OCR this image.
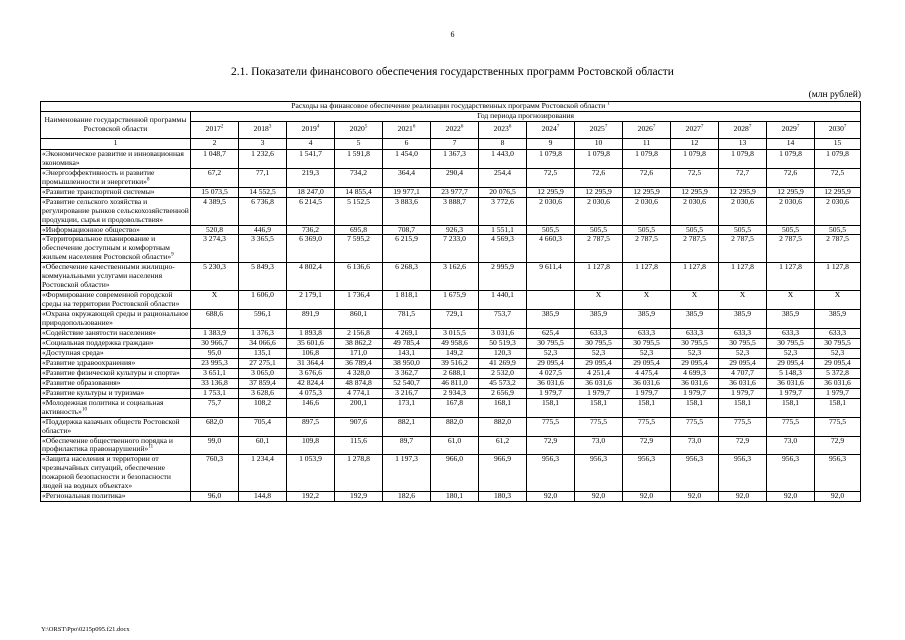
6
2.1. Показатели финансового обеспечения государственных программ Ростовской области
(млн рублей)
Расходы на финансовое обеспечение реализации государственных программ Ростовской области $^1$
Наименование государственной программы Ростовской области	Год периода прогнозирования													
	2017$^2$	2018$^3$	2019$^4$	2020$^5$	2021$^6$	2022$^6$	2023$^6$	2024$^7$	2025$^7$	2026$^7$	2027$^7$	2028$^7$	2029$^7$	2030$^7$
1	2	3	4	5	6	7	8	9	10	11	12	13	14	15
«Экономическое развитие и инновационная экономика»	1 048,7	1 232,6	1 541,7	1 591,8	1 454,0	1 367,3	1 443,0	1 079,8	1 079,8	1 079,8	1 079,8	1 079,8	1 079,8	1 079,8
«Энергоэффективность и развитие промышленности и энергетики»$^8$	67,2	77,1	219,3	734,2	364,4	290,4	254,4	72,5	72,6	72,6	72,5	72,7	72,6	72,5
«Развитие транспортной системы»	15 073,5	14 552,5	18 247,0	14 855,4	19 977,1	23 977,7	20 076,5	12 295,9	12 295,9	12 295,9	12 295,9	12 295,9	12 295,9	12 295,9
«Развитие сельского хозяйства и регулирование рынков сельскохозяйственной продукции, сырья и продовольствия»	4 389,5	6 736,8	6 214,5	5 152,5	3 883,6	3 888,7	3 772,6	2 030,6	2 030,6	2 030,6	2 030,6	2 030,6	2 030,6	2 030,6
«Информационное общество»	520,8	446,9	736,2	695,8	708,7	926,3	1 551,1	505,5	505,5	505,5	505,5	505,5	505,5	505,5
«Территориальное планирование и обеспечение доступным и комфортным жильем населения Ростовской области»$^9$	3 274,3	3 365,5	6 369,0	7 595,2	6 215,9	7 233,0	4 569,3	4 660,3	2 787,5	2 787,5	2 787,5	2 787,5	2 787,5	2 787,5
«Обеспечение качественными жилищно-коммунальными услугами населения Ростовской области»	5 230,3	5 849,3	4 802,4	6 136,6	6 268,3	3 162,6	2 995,9	9 611,4	1 127,8	1 127,8	1 127,8	1 127,8	1 127,8	1 127,8
«Формирование современной городской среды на территории Ростовской области»	X	1 606,0	2 179,1	1 736,4	1 818,1	1 675,9	1 440,1		X	X	X	X	X	X
«Охрана окружающей среды и рациональное природопользование»	688,6	596,1	891,9	860,1	781,5	729,1	753,7	385,9	385,9	385,9	385,9	385,9	385,9	385,9
«Содействие занятости населения»	1 383,9	1 376,3	1 893,8	2 156,8	4 269,1	3 015,5	3 031,6	625,4	633,3	633,3	633,3	633,3	633,3	633,3
«Социальная поддержка граждан»	30 966,7	34 066,6	35 601,6	38 862,2	49 785,4	49 958,6	50 519,3	30 795,5	30 795,5	30 795,5	30 795,5	30 795,5	30 795,5	30 795,5
«Доступная среда»	95,0	135,1	106,8	171,0	143,1	149,2	120,3	52,3	52,3	52,3	52,3	52,3	52,3	52,3
«Развитие здравоохранения»	23 995,3	27 275,1	31 364,4	36 789,4	38 950,0	39 516,2	41 269,9	29 095,4	29 095,4	29 095,4	29 095,4	29 095,4	29 095,4	29 095,4
«Развитие физической культуры и спорта»	3 651,1	3 065,0	3 676,6	4 328,0	3 362,7	2 688,1	2 532,0	4 027,5	4 251,4	4 475,4	4 699,3	4 707,7	5 148,3	5 372,8
«Развитие образования»	33 136,8	37 859,4	42 824,4	48 874,8	52 540,7	46 811,0	45 573,2	36 031,6	36 031,6	36 031,6	36 031,6	36 031,6	36 031,6	36 031,6
«Развитие культуры и туризма»	1 753,1	3 628,6	4 075,3	4 774,1	3 216,7	2 934,3	2 656,9	1 979,7	1 979,7	1 979,7	1 979,7	1 979,7	1 979,7	1 979,7
«Молодежная политика и социальная активность»$^{10}$	75,7	108,2	146,6	200,1	173,1	167,8	168,1	158,1	158,1	158,1	158,1	158,1	158,1	158,1
«Поддержка казачьих обществ Ростовской области»	682,0	705,4	897,5	907,6	882,1	882,0	882,0	775,5	775,5	775,5	775,5	775,5	775,5	775,5
«Обеспечение общественного порядка и профилактика правонарушений»$^{11}$	99,0	60,1	109,8	115,6	89,7	61,0	61,2	72,9	73,0	72,9	73,0	72,9	73,0	72,9
«Защита населения и территории от чрезвычайных ситуаций, обеспечение пожарной безопасности и безопасности людей на водных объектах»	760,3	1 234,4	1 053,9	1 278,8	1 197,3	966,0	966,9	956,3	956,3	956,3	956,3	956,3	956,3	956,3
«Региональная политика»	96,0	144,8	192,2	192,9	182,6	180,1	180,3	92,0	92,0	92,0	92,0	92,0	92,0	92,0
Y:\ORST\Ppo\0215p095.f21.docx
